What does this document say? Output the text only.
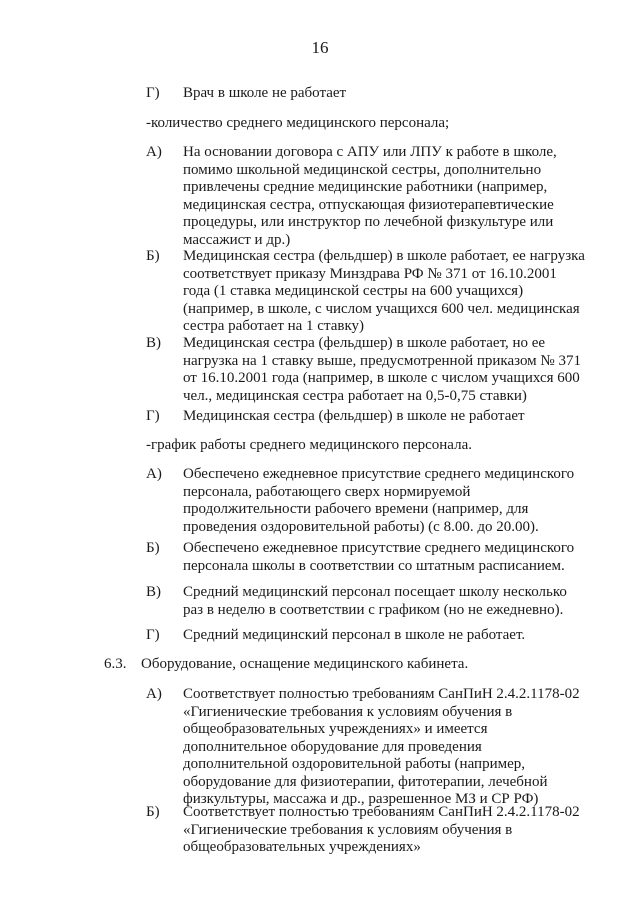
16
Г) Врач в школе не работает
-количество среднего медицинского персонала;
А) На основании договора с АПУ или ЛПУ к работе в школе,
помимо школьной медицинской сестры, дополнительно
привлечены средние медицинские работники (например,
медицинская сестра, отпускающая физиотерапевтические
процедуры, или инструктор по лечебной физкультуре или
массажист и др.)
Б) Медицинская сестра (фельдшер) в школе работает, ее нагрузка
соответствует приказу Минздрава РФ № 371 от 16.10.2001
года (1 ставка медицинской сестры на 600 учащихся)
(например, в школе, с числом учащихся 600 чел. медицинская
сестра работает на 1 ставку)
В) Медицинская сестра (фельдшер) в школе работает, но ее
нагрузка на 1 ставку выше, предусмотренной приказом № 371
от 16.10.2001 года (например, в школе с числом учащихся 600
чел., медицинская сестра работает на 0,5-0,75 ставки)
Г) Медицинская сестра (фельдшер) в школе не работает
-график работы среднего медицинского персонала.
А) Обеспечено ежедневное присутствие среднего медицинского
персонала, работающего сверх нормируемой
продолжительности рабочего времени (например, для
проведения оздоровительной работы) (с 8.00. до 20.00).
Б) Обеспечено ежедневное присутствие среднего медицинского
персонала школы в соответствии со штатным расписанием.
В) Средний медицинский персонал посещает школу несколько
раз в неделю в соответствии с графиком (но не ежедневно).
Г) Средний медицинский персонал в школе не работает.
6.3. Оборудование, оснащение медицинского кабинета.
А) Соответствует полностью требованиям СанПиН 2.4.2.1178-02
«Гигиенические требования к условиям обучения в
общеобразовательных учреждениях» и имеется
дополнительное оборудование для проведения
дополнительной оздоровительной работы (например,
оборудование для физиотерапии, фитотерапии, лечебной
физкультуры, массажа и др., разрешенное МЗ и СР РФ)
Б) Соответствует полностью требованиям СанПиН 2.4.2.1178-02
«Гигиенические требования к условиям обучения в
общеобразовательных учреждениях»
